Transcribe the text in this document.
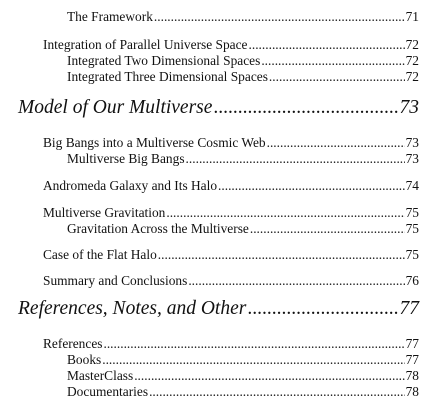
The Framework .....	71
Integration of Parallel Universe Space .....	72
Integrated Two Dimensional Spaces .....	72
Integrated Three Dimensional Spaces .....	72
Model of Our Multiverse .....	73
Big Bangs into a Multiverse Cosmic Web .....	73
Multiverse Big Bangs .....	73
Andromeda Galaxy and Its Halo .....	74
Multiverse Gravitation .....	75
Gravitation Across the Multiverse .....	75
Case of the Flat Halo .....	75
Summary and Conclusions .....	76
References, Notes, and Other .....	77
References .....	77
Books .....	77
MasterClass .....	78
Documentaries .....	78
